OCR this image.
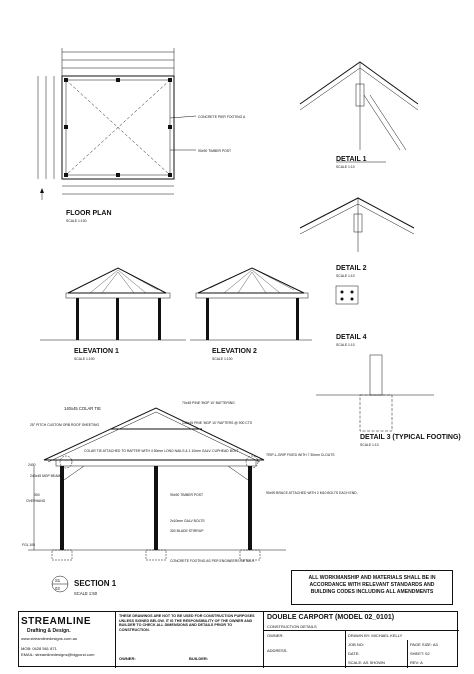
CONCRETE PIER FOOTING A
90x90 TIMBER POST
FLOOR PLAN
SCALE 1:100
DETAIL 1
SCALE 1:10
DETAIL 2
SCALE 1:10
DETAIL 4
SCALE 1:10
DETAIL 3 (TYPICAL FOOTING)
SCALE 1:10
ELEVATION 1
SCALE 1:100
ELEVATION 2
SCALE 1:100
140x45 COLAR TIE
25° PITCH CUSTOM ORB ROOF SHEETING
70x45 PINE 'MGP 10' BATTERING
140x45 PINE 'MGP 10' RAFTERS @ 900 CTS
COLAR TIE ATTACHED TO RAFTER WITH 4 50mm LONG NAILS & 1 10mm GALV. CUPHEAD BOLT
TRIP-L-GRIP FIXED WITH 7 30mm CLOUTS
240x45 MGP BEAM
90x90 TIMBER POST	90x90 BRACE ATTACHED WITH 2 M10 BOLTS EACH END.
2x10mm GALV BOLTS
300 BLADE STIRRUP
CONCRETE FOOTING AS PER ENGINEERS DETAILS
2400
300
OVERHANG
FGL 100
S1
03
SECTION 1
SCALE 1:50
ALL WORKMANSHIP AND MATERIALS SHALL BE IN ACCORDANCE WITH RELEVANT STANDARDS AND BUILDING CODES INCLUDING ALL AMENDMENTS
STREAMLINE
Drafting & Design.
www.streamlinedesigns.com.au
MOB: 0428 561 871
EMAIL: streamlinedesigns@bigpond.com
THESE DRAWINGS ARE NOT TO BE USED FOR CONSTRUCTION PURPOSES UNLESS SIGNED BELOW. IT IS THE RESPONSIBILITY OF THE OWNER AND BUILDER TO CHECK ALL DIMENSIONS AND DETAILS PRIOR TO CONSTRUCTION.
OWNER:	BUILDER:
DOUBLE CARPORT (MODEL 02_0101)
CONSTRUCTION DETAILS
OWNER:
ADDRESS:
DRAWN BY: MICHAEL KELLY
JOB NO:
DATE:
SCALE: AS SHOWN
PAGE SIZE: A3
SHEET: 02
REV: A
